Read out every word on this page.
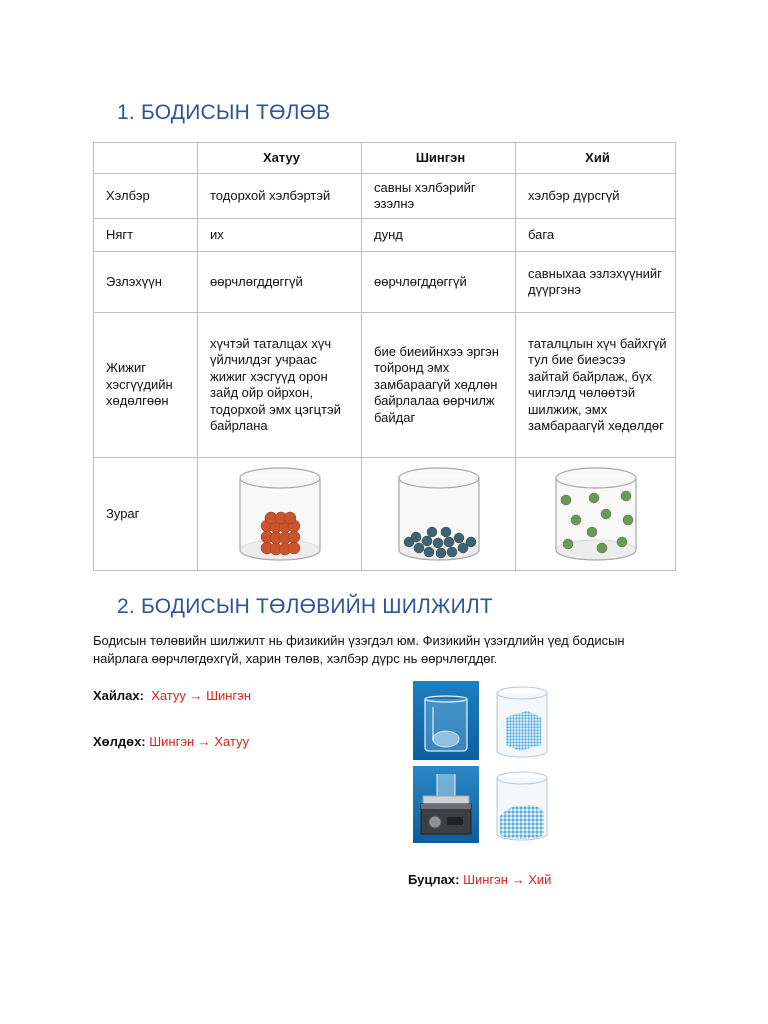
1. БОДИСЫН ТӨЛӨВ
	Хатуу	Шингэн	Хий
Хэлбэр	тодорхой хэлбэртэй	савны хэлбэрийг эзэлнэ	хэлбэр дүрсгүй
Нягт	их	дунд	бага
Эзлэхүүн	өөрчлөгддөггүй	өөрчлөгддөггүй	савныхаа эзлэхүүнийг дүүргэнэ
Жижиг хэсгүүдийн хөдөлгөөн	хүчтэй таталцах хүч үйлчилдэг учраас жижиг хэсгүүд орон зайд ойр ойрхон, тодорхой эмх цэгцтэй байрлана	бие биеийнхээ эргэн тойронд эмх замбараагүй хөдлөн байрлалаа өөрчилж байдаг	таталцлын хүч байхгүй тул бие биеэсээ зайтай байрлаж, бүх чиглэлд чөлөөтэй шилжиж, эмх замбараагүй хөдөлдөг
Зураг	

2. БОДИСЫН ТӨЛӨВИЙН ШИЛЖИЛТ
Бодисын төлөвийн шилжилт нь физикийн үзэгдэл юм. Физикийн үзэгдлийн үед бодисын найрлага өөрчлөгдөхгүй, харин төлөв, хэлбэр дүрс нь өөрчлөгддөг.
Хайлах: Хатуу → Шингэн
Хөлдөх: Шингэн → Хатуу
Буцлах: Шингэн → Хий
